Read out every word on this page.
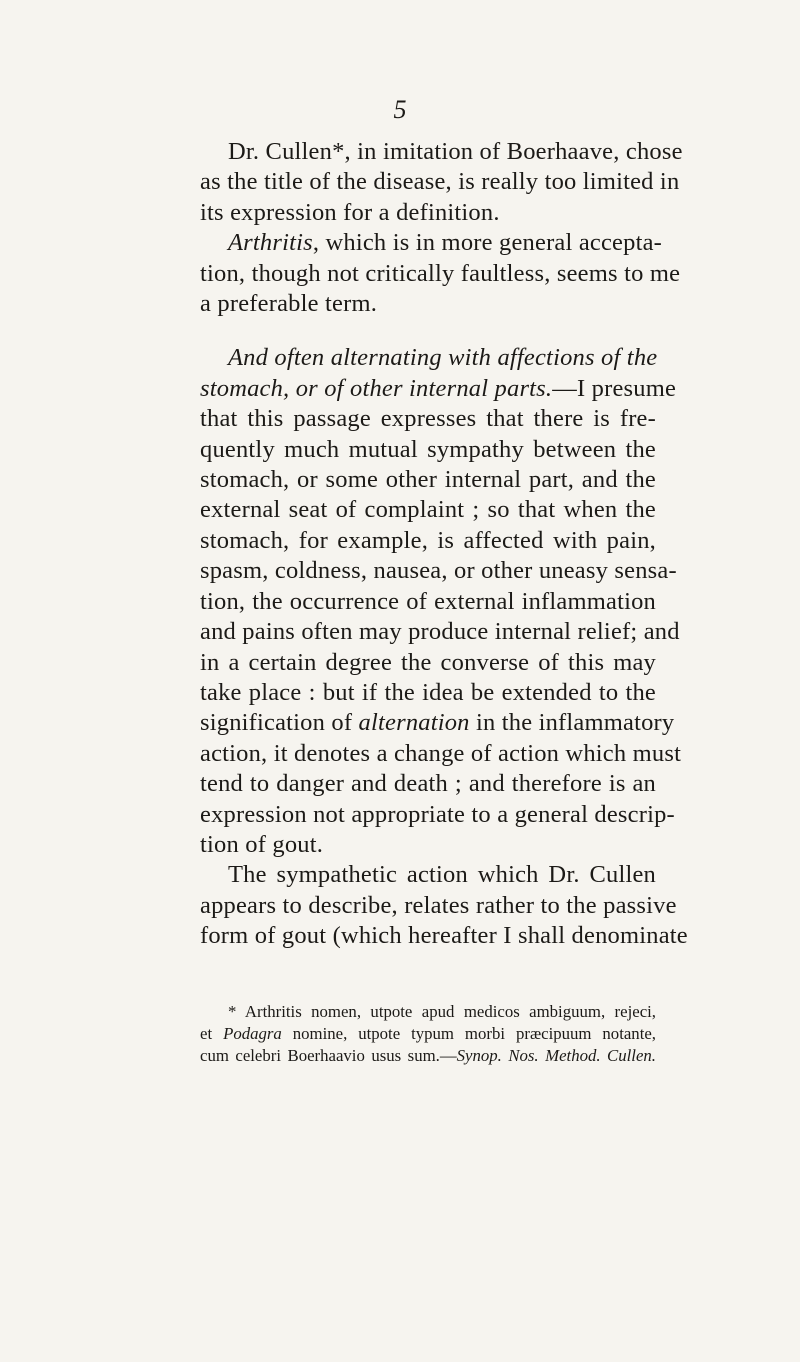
5
Dr. Cullen*, in imitation of Boerhaave, chose
as the title of the disease, is really too limited in
its expression for a definition.
Arthritis, which is in more general accepta-
tion, though not critically faultless, seems to me
a preferable term.
And often alternating with affections of the
stomach, or of other internal parts.—I presume
that this passage expresses that there is fre-
quently much mutual sympathy between the
stomach, or some other internal part, and the
external seat of complaint ; so that when the
stomach, for example, is affected with pain,
spasm, coldness, nausea, or other uneasy sensa-
tion, the occurrence of external inflammation
and pains often may produce internal relief; and
in a certain degree the converse of this may
take place : but if the idea be extended to the
signification of alternation in the inflammatory
action, it denotes a change of action which must
tend to danger and death ; and therefore is an
expression not appropriate to a general descrip-
tion of gout.
The sympathetic action which Dr. Cullen
appears to describe, relates rather to the passive
form of gout (which hereafter I shall denominate
* Arthritis nomen, utpote apud medicos ambiguum, rejeci,
et Podagra nomine, utpote typum morbi præcipuum notante,
cum celebri Boerhaavio usus sum.—Synop. Nos. Method. Cullen.
